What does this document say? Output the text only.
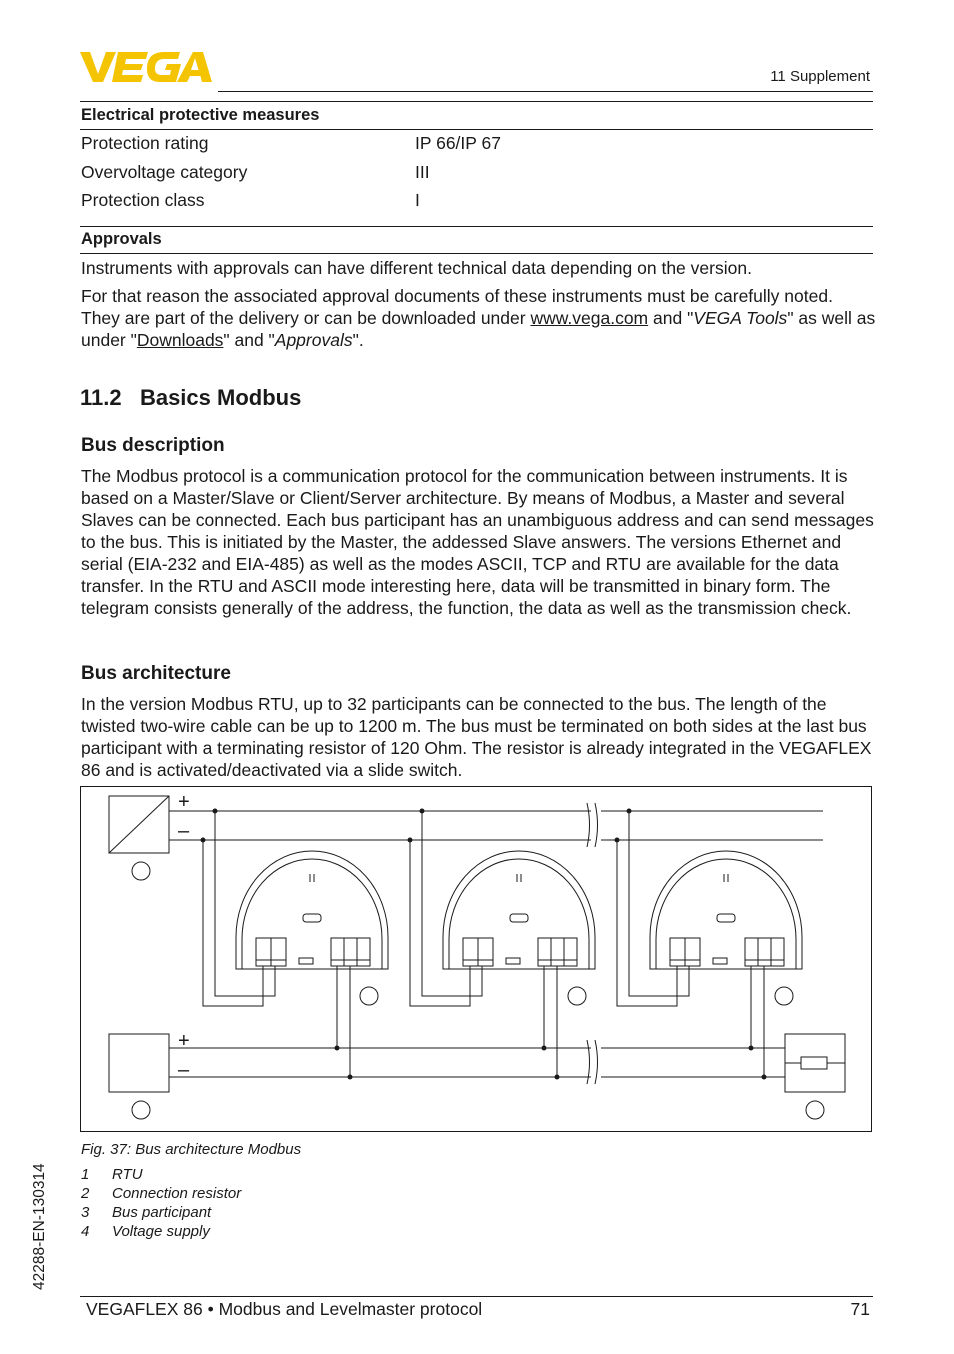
11 Supplement
Electrical protective measures
Protection rating	IP 66/IP 67
Overvoltage category	III
Protection class	I
Approvals
Instruments with approvals can have different technical data depending on the version.
For that reason the associated approval documents of these instruments must be carefully noted. They are part of the delivery or can be downloaded under www.vega.com and "VEGA Tools" as well as under "Downloads" and "Approvals".
11.2   Basics Modbus
Bus description
The Modbus protocol is a communication protocol for the communication between instruments. It is based on a Master/Slave or Client/Server architecture. By means of Modbus, a Master and several Slaves can be connected. Each bus participant has an unambiguous address and can send messages to the bus. This is initiated by the Master, the addessed Slave answers. The versions Ethernet and serial (EIA-232 and EIA-485) as well as the modes ASCII, TCP and RTU are available for the data transfer. In the RTU and ASCII mode interesting here, data will be transmitted in binary form. The telegram consists generally of the address, the function, the data as well as the transmission check.
Bus architecture
In the version Modbus RTU, up to 32 participants can be connected to the bus. The length of the twisted two-wire cable can be up to 1200 m. The bus must be terminated on both sides at the last bus participant with a terminating resistor of 120 Ohm. The resistor is already integrated in the VEGAFLEX 86 and is activated/deactivated via a slide switch.
+
–
+
–
Fig. 37: Bus architecture Modbus
1 RTU
2 Connection resistor
3 Bus participant
4 Voltage supply
42288-EN-130314
VEGAFLEX 86 • Modbus and Levelmaster protocol	71
